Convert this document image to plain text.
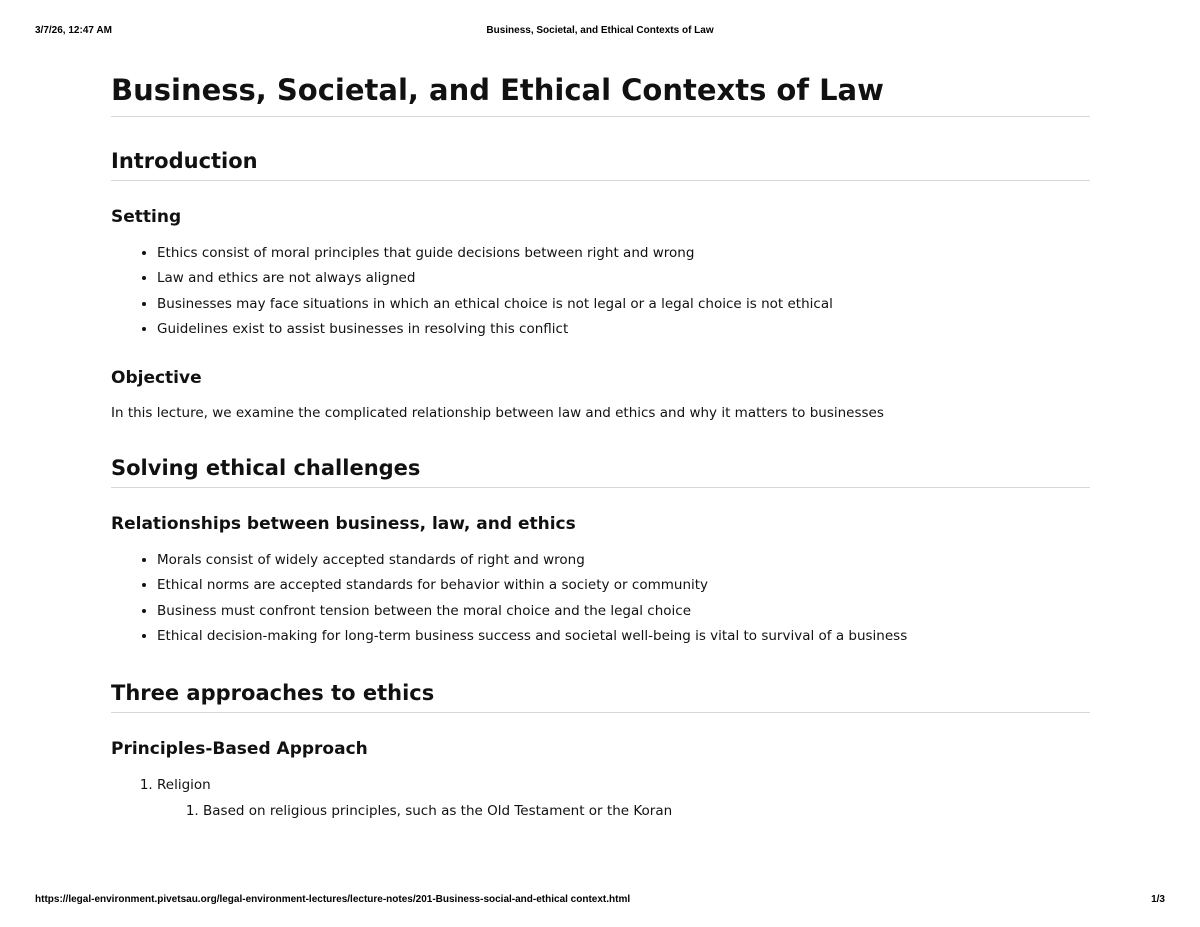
3/7/26, 12:47 AM	Business, Societal, and Ethical Contexts of Law
Business, Societal, and Ethical Contexts of Law
Introduction
Setting
• Ethics consist of moral principles that guide decisions between right and wrong
• Law and ethics are not always aligned
• Businesses may face situations in which an ethical choice is not legal or a legal choice is not ethical
• Guidelines exist to assist businesses in resolving this conflict
Objective

In this lecture, we examine the complicated relationship between law and ethics and why it matters to businesses

Solving ethical challenges
Relationships between business, law, and ethics
• Morals consist of widely accepted standards of right and wrong
• Ethical norms are accepted standards for behavior within a society or community
• Business must confront tension between the moral choice and the legal choice
• Ethical decision-making for long-term business success and societal well-being is vital to survival of a business
Three approaches to ethics
Principles-Based Approach
1. Religion
1. Based on religious principles, such as the Old Testament or the Koran
https://legal-environment.pivetsau.org/legal-environment-lectures/lecture-notes/201-Business-social-and-ethical context.html	1/3
